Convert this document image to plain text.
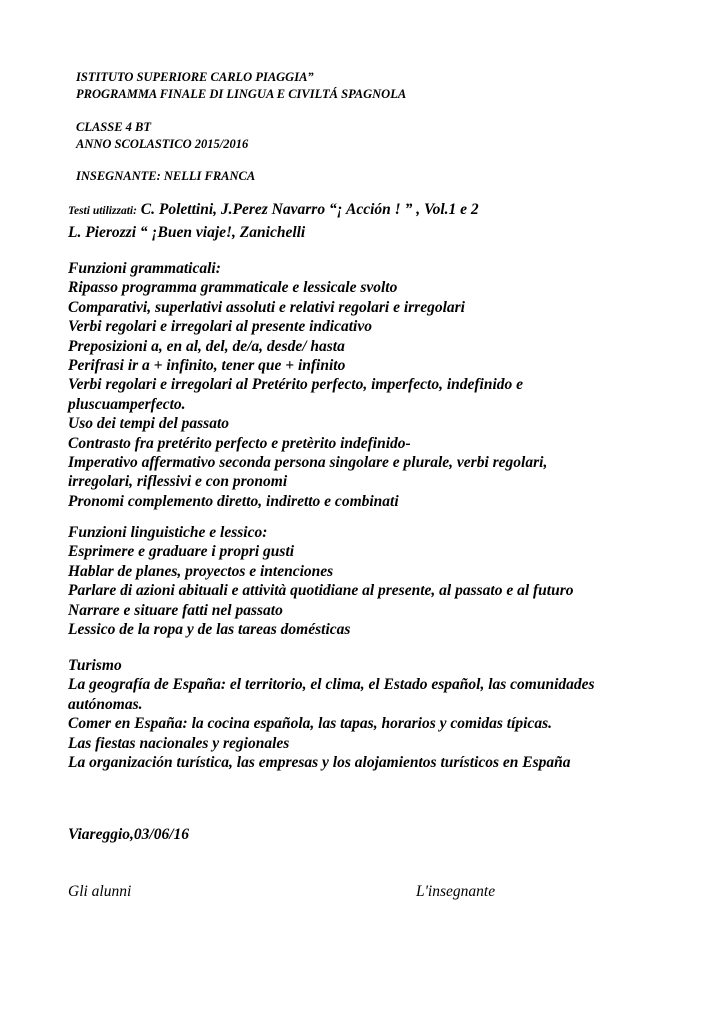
ISTITUTO SUPERIORE CARLO PIAGGIA”
PROGRAMMA FINALE DI LINGUA E CIVILTÁ SPAGNOLA
CLASSE 4 BT
ANNO SCOLASTICO 2015/2016
INSEGNANTE: NELLI FRANCA
Testi utilizzati: C. Polettini, J.Perez Navarro “¡ Acción ! ” , Vol.1 e 2
L. Pierozzi “ ¡Buen viaje!, Zanichelli
Funzioni grammaticali:
Ripasso programma grammaticale e lessicale svolto
Comparativi, superlativi assoluti e relativi regolari e irregolari
Verbi regolari e irregolari al presente indicativo
Preposizioni a, en al, del, de/a, desde/ hasta
Perifrasi ir a + infinito, tener que + infinito
Verbi regolari e irregolari al Pretérito perfecto, imperfecto, indefinido e
pluscuamperfecto.
Uso dei tempi del passato
Contrasto fra pretérito perfecto e pretèrito indefinido-
Imperativo affermativo seconda persona singolare e plurale, verbi regolari,
irregolari, riflessivi e con pronomi
Pronomi complemento diretto, indiretto e combinati
Funzioni linguistiche e lessico:
Esprimere e graduare i propri gusti
Hablar de planes, proyectos e intenciones
Parlare di azioni abituali e attività quotidiane al presente, al passato e al futuro
Narrare e situare fatti nel passato
Lessico de la ropa y de las tareas domésticas
Turismo
La geografía de España: el territorio, el clima, el Estado español, las comunidades
autónomas.
Comer en España: la cocina española, las tapas, horarios y comidas típicas.
Las fiestas nacionales y regionales
La organización turística, las empresas y los alojamientos turísticos en España
Viareggio,03/06/16
Gli alunni	L'insegnante
